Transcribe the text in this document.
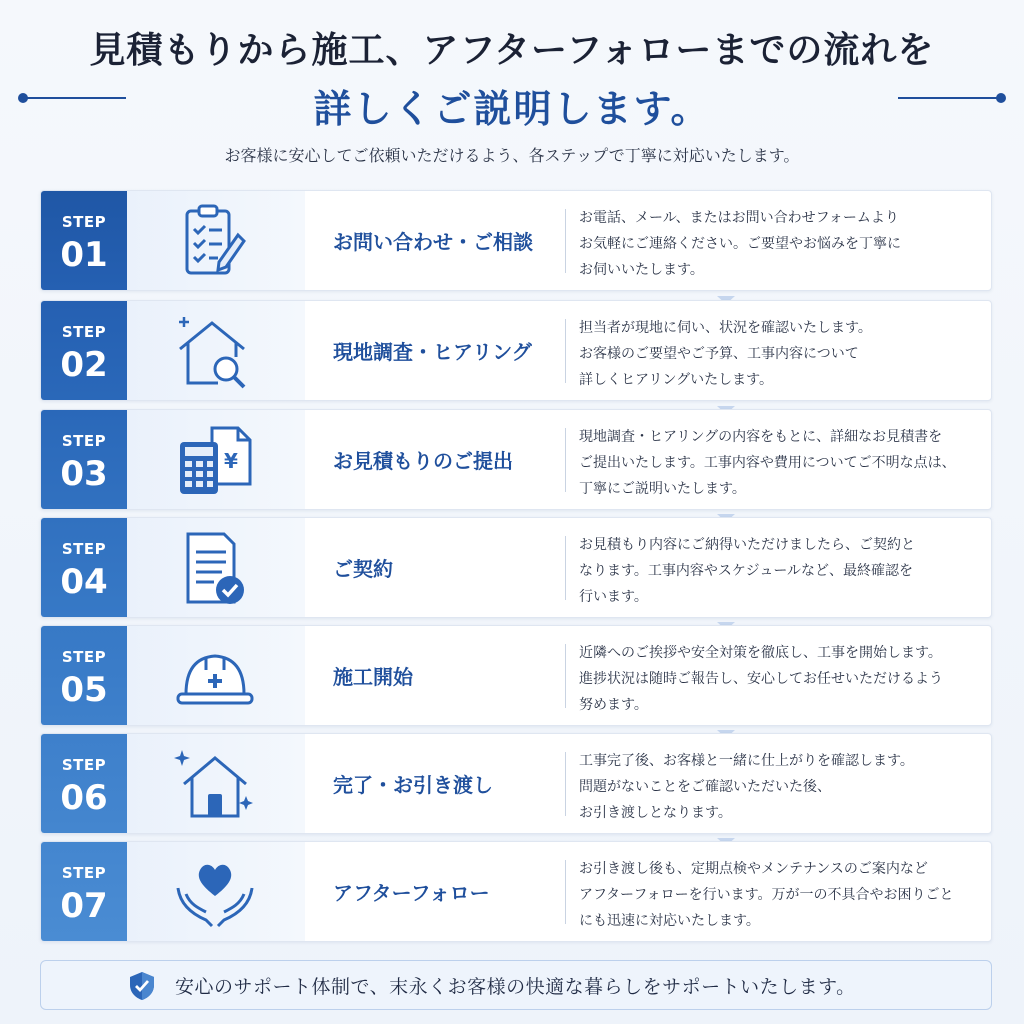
見積もりから施工、アフターフォローまでの流れを
詳しくご説明します。
お客様に安心してご依頼いただけるよう、各ステップで丁寧に対応いたします。
STEP
01	お問い合わせ・ご相談
お電話、メール、またはお問い合わせフォームより
お気軽にご連絡ください。ご要望やお悩みを丁寧に
お伺いいたします。
STEP
02	現地調査・ヒアリング
担当者が現地に伺い、状況を確認いたします。
お客様のご要望やご予算、工事内容について
詳しくヒアリングいたします。
STEP
03	¥	お見積もりのご提出
現地調査・ヒアリングの内容をもとに、詳細なお見積書を
ご提出いたします。工事内容や費用についてご不明な点は、
丁寧にご説明いたします。
STEP
04	ご契約
お見積もり内容にご納得いただけましたら、ご契約と
なります。工事内容やスケジュールなど、最終確認を
行います。
STEP
05	施工開始
近隣へのご挨拶や安全対策を徹底し、工事を開始します。
進捗状況は随時ご報告し、安心してお任せいただけるよう
努めます。
STEP
06	完了・お引き渡し
工事完了後、お客様と一緒に仕上がりを確認します。
問題がないことをご確認いただいた後、
お引き渡しとなります。
STEP
07	アフターフォロー
お引き渡し後も、定期点検やメンテナンスのご案内など
アフターフォローを行います。万が一の不具合やお困りごと
にも迅速に対応いたします。
安心のサポート体制で、末永くお客様の快適な暮らしをサポートいたします。
